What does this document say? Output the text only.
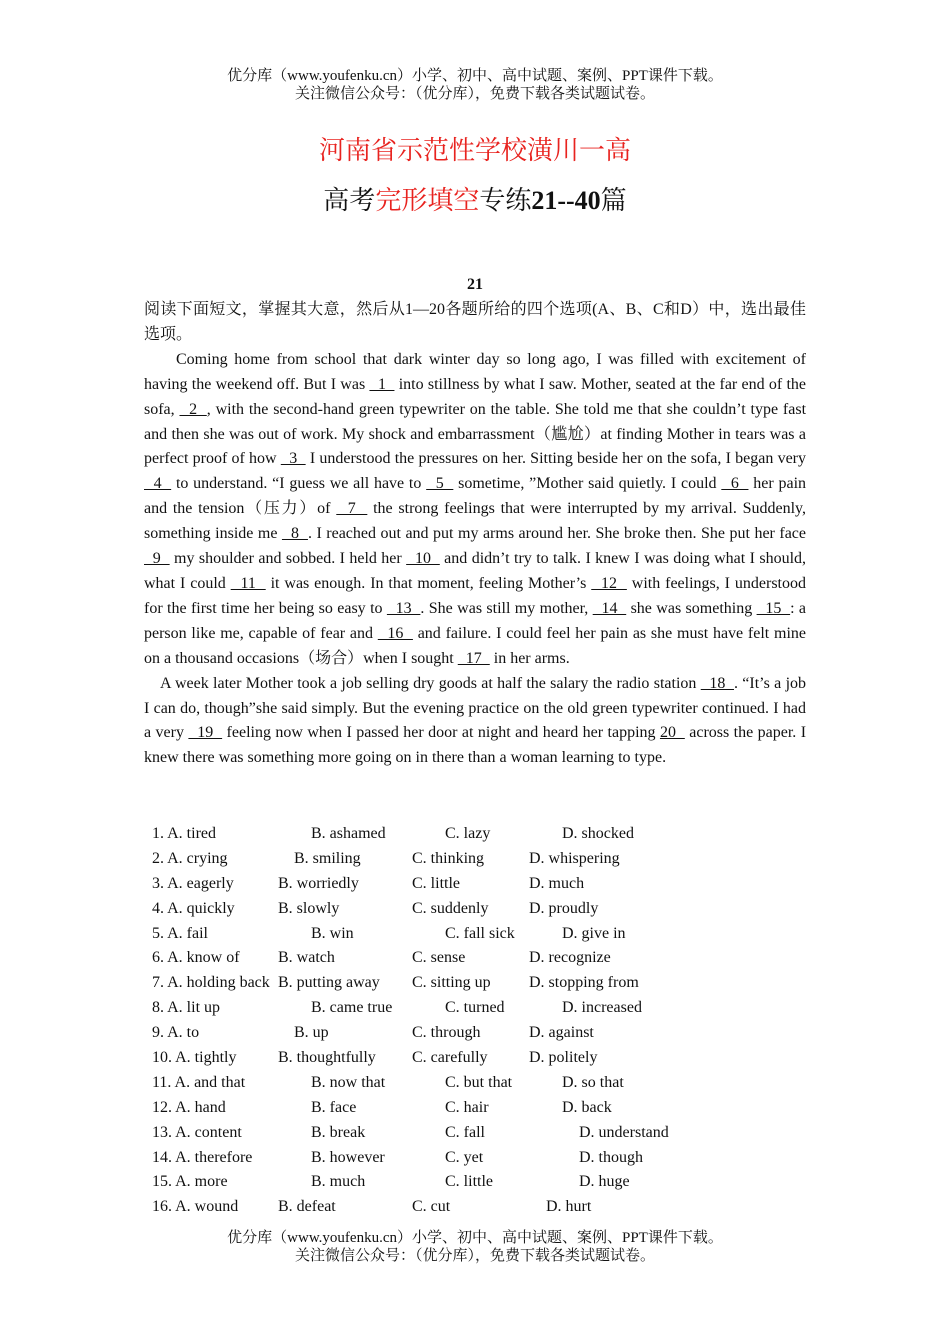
优分库（www.youfenku.cn）小学、初中、高中试题、案例、PPT课件下载。
关注微信公众号：（优分库），免费下载各类试题试卷。
河南省示范性学校潢川一高
高考完形填空专练21--40篇
21

阅读下面短文，掌握其大意，然后从1—20各题所给的四个选项(A、B、C和D）中，选出最佳选项。

Coming home from school that dark winter day so long ago, I was filled with excitement of having the weekend off. But I was   1   into stillness by what I saw. Mother, seated at the far end of the sofa,   2  , with the second-hand green typewriter on the table. She told me that she couldn’t type fast and then she was out of work. My shock and embarrassment（尴尬）at finding Mother in tears was a perfect proof of how   3   I understood the pressures on her. Sitting beside her on the sofa, I began very   4   to understand. “I guess we all have to   5   sometime, ”Mother said quietly. I could   6   her pain and the tension（压力）of   7   the strong feelings that were interrupted by my arrival. Suddenly, something inside me   8  . I reached out and put my arms around her. She broke then. She put her face   9   my shoulder and sobbed. I held her   10   and didn’t try to talk. I knew I was doing what I should, what I could   11   it was enough. In that moment, feeling Mother’s   12   with feelings, I understood for the first time her being so easy to   13  . She was still my mother,   14   she was something   15  : a person like me, capable of fear and   16   and failure. I could feel her pain as she must have felt mine on a thousand occasions（场合）when I sought   17   in her arms.

A week later Mother took a job selling dry goods at half the salary the radio station   18  . “It’s a job I can do, though”she said simply. But the evening practice on the old green typewriter continued. I had a very   19   feeling now when I passed her door at night and heard her tapping 20   across the paper. I knew there was something more going on in there than a woman learning to type.

1. A. tired	B. ashamed	C. lazy	D. shocked
2. A. crying	B. smiling	C. thinking	D. whispering
3. A. eagerly	B. worriedly	C. little	D. much
4. A. quickly	B. slowly	C. suddenly	D. proudly
5. A. fail	B. win	C. fall sick	D. give in
6. A. know of B. watch	C. sense	D. recognize
7. A. holding back B. putting away C. sitting up D. stopping from
8. A. lit up	B. came true	C. turned	D. increased
9. A. to	B. up	C. through	D. against
10. A. tightly	B. thoughtfully C. carefully	D. politely
11. A. and that	B. now that	C. but that	D. so that
12. A. hand	B. face	C. hair	D. back
13. A. content	B. break	C. fall	D. understand
14. A. therefore	B. however	C. yet	D. though
15. A. more	B. much	C. little	D. huge
16. A. wound B. defeat	C. cut	D. hurt
优分库（www.youfenku.cn）小学、初中、高中试题、案例、PPT课件下载。
关注微信公众号：（优分库），免费下载各类试题试卷。
